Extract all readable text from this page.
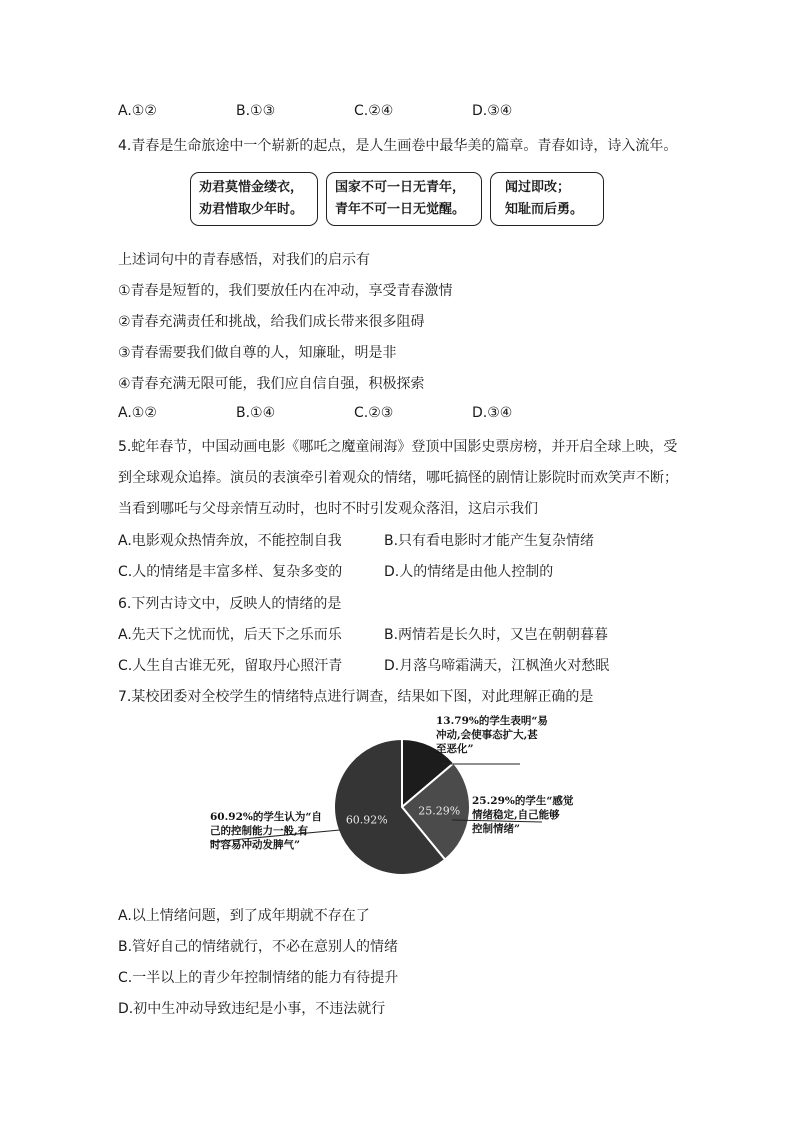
A.①②	B.①③	C.②④	D.③④
4.青春是生命旅途中一个崭新的起点，是人生画卷中最华美的篇章。青春如诗，诗入流年。
劝君莫惜金缕衣，
劝君惜取少年时。
国家不可一日无青年，
青年不可一日无觉醒。
闻过即改；
知耻而后勇。
上述词句中的青春感悟，对我们的启示有
①青春是短暂的，我们要放任内在冲动，享受青春激情
②青春充满责任和挑战，给我们成长带来很多阻碍
③青春需要我们做自尊的人，知廉耻，明是非
④青春充满无限可能，我们应自信自强，积极探索
A.①②	B.①④	C.②③	D.③④
5.蛇年春节，中国动画电影《哪吒之魔童闹海》登顶中国影史票房榜，并开启全球上映，受
到全球观众追捧。演员的表演牵引着观众的情绪，哪吒搞怪的剧情让影院时而欢笑声不断；
当看到哪吒与父母亲情互动时，也时不时引发观众落泪，这启示我们
A.电影观众热情奔放，不能控制自我	B.只有看电影时才能产生复杂情绪
C.人的情绪是丰富多样、复杂多变的	D.人的情绪是由他人控制的
6.下列古诗文中，反映人的情绪的是
A.先天下之忧而忧，后天下之乐而乐	B.两情若是长久时，又岂在朝朝暮暮
C.人生自古谁无死，留取丹心照汗青	D.月落乌啼霜满天，江枫渔火对愁眠
7.某校团委对全校学生的情绪特点进行调查，结果如下图，对此理解正确的是
25.29%
60.92%
13.79%的学生表明“易冲动,会使事态扩大,甚至恶化”
25.29%的学生“感觉情绪稳定,自己能够控制情绪”
60.92%的学生认为“自己的控制能力一般,有时容易冲动发脾气”
A.以上情绪问题，到了成年期就不存在了
B.管好自己的情绪就行，不必在意别人的情绪
C.一半以上的青少年控制情绪的能力有待提升
D.初中生冲动导致违纪是小事，不违法就行
